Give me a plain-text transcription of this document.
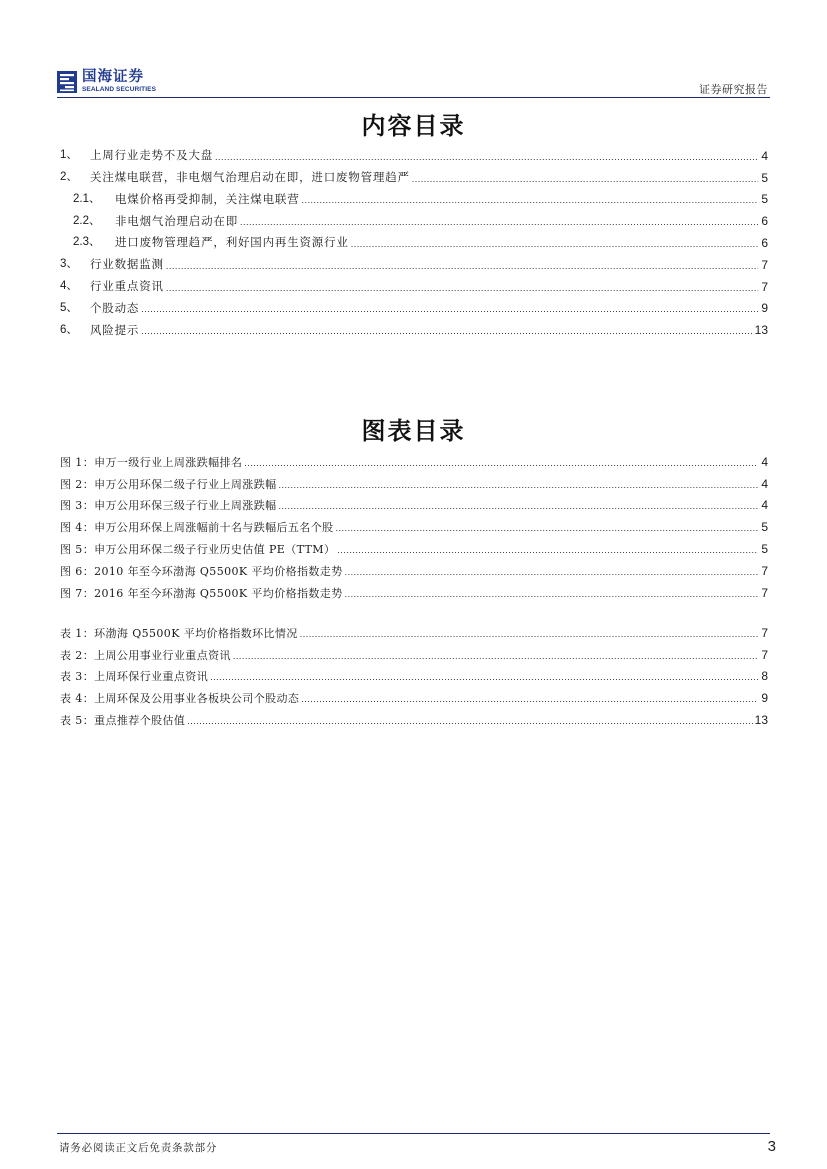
国海证券
SEALAND SECURITIES	证券研究报告
内容目录
1、	上周行业走势不及大盘 .....	4
2、	关注煤电联营，非电烟气治理启动在即，进口废物管理趋严 .....	5
2.1、	电煤价格再受抑制，关注煤电联营 .....	5
2.2、	非电烟气治理启动在即 .....	6
2.3、	进口废物管理趋严，利好国内再生资源行业 .....	6
3、	行业数据监测 .....	7
4、	行业重点资讯 .....	7
5、	个股动态 .....	9
6、	风险提示 .....	13
图表目录
图 1：申万一级行业上周涨跌幅排名 .....	4
图 2：申万公用环保二级子行业上周涨跌幅 .....	4
图 3：申万公用环保三级子行业上周涨跌幅 .....	4
图 4：申万公用环保上周涨幅前十名与跌幅后五名个股 .....	5
图 5：申万公用环保二级子行业历史估值 PE（TTM） .....	5
图 6：2010 年至今环渤海 Q5500K 平均价格指数走势 .....	7
图 7：2016 年至今环渤海 Q5500K 平均价格指数走势 .....	7
表 1：环渤海 Q5500K 平均价格指数环比情况 .....	7
表 2：上周公用事业行业重点资讯 .....	7
表 3：上周环保行业重点资讯 .....	8
表 4：上周环保及公用事业各板块公司个股动态 .....	9
表 5：重点推荐个股估值 .....	13
请务必阅读正文后免责条款部分	3
